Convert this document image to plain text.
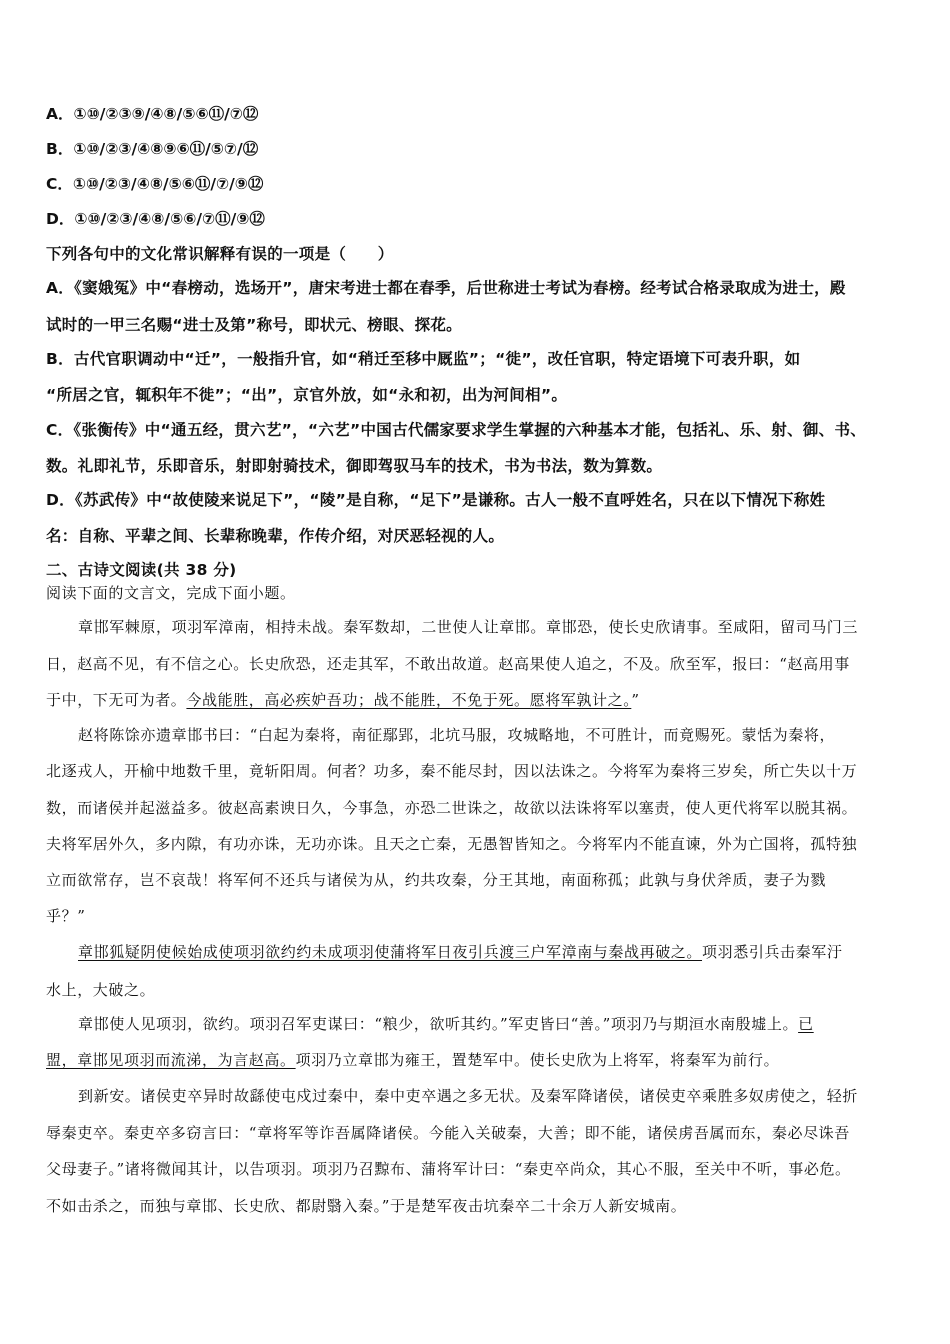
A．①⑩/②③⑨/④⑧/⑤⑥⑪/⑦⑫
B．①⑩/②③/④⑧⑨⑥⑪/⑤⑦/⑫
C．①⑩/②③/④⑧/⑤⑥⑪/⑦/⑨⑫
D．①⑩/②③/④⑧/⑤⑥/⑦⑪/⑨⑫
下列各句中的文化常识解释有误的一项是（　　）
A．《窦娥冤》中“春榜动，选场开”，唐宋考进士都在春季，后世称进士考试为春榜。经考试合格录取成为进士，殿
试时的一甲三名赐“进士及第”称号，即状元、榜眼、探花。
B．古代官职调动中“迁”，一般指升官，如“稍迁至移中厩监”；“徙”，改任官职，特定语境下可表升职，如
“所居之官，辄积年不徙”；“出”，京官外放，如“永和初，出为河间相”。
C．《张衡传》中“通五经，贯六艺”，“六艺”中国古代儒家要求学生掌握的六种基本才能，包括礼、乐、射、御、书、
数。礼即礼节，乐即音乐，射即射骑技术，御即驾驭马车的技术，书为书法，数为算数。
D．《苏武传》中“故使陵来说足下”，“陵”是自称，“足下”是谦称。古人一般不直呼姓名，只在以下情况下称姓
名：自称、平辈之间、长辈称晚辈，作传介绍，对厌恶轻视的人。
二、古诗文阅读(共 38 分)
阅读下面的文言文，完成下面小题。
章邯军棘原，项羽军漳南，相持未战。秦军数却，二世使人让章邯。章邯恐，使长史欣请事。至咸阳，留司马门三
日，赵高不见，有不信之心。长史欣恐，还走其军，不敢出故道。赵高果使人追之，不及。欣至军，报曰：“赵高用事
于中，下无可为者。今战能胜，高必疾妒吾功；战不能胜，不免于死。愿将军孰计之。”
赵将陈馀亦遗章邯书曰：“白起为秦将，南征鄢郢，北坑马服，攻城略地，不可胜计，而竟赐死。蒙恬为秦将，
北逐戎人，开榆中地数千里，竟斩阳周。何者？功多，秦不能尽封，因以法诛之。今将军为秦将三岁矣，所亡失以十万
数，而诸侯并起滋益多。彼赵高素谀日久，今事急，亦恐二世诛之，故欲以法诛将军以塞责，使人更代将军以脱其祸。
夫将军居外久，多内隙，有功亦诛，无功亦诛。且天之亡秦，无愚智皆知之。今将军内不能直谏，外为亡国将，孤特独
立而欲常存，岂不哀哉！将军何不还兵与诸侯为从，约共攻秦，分王其地，南面称孤；此孰与身伏斧质，妻子为戮
乎？”
章邯狐疑阴使候始成使项羽欲约约未成项羽使蒲将军日夜引兵渡三户军漳南与秦战再破之。项羽悉引兵击秦军汙
水上，大破之。
章邯使人见项羽，欲约。项羽召军吏谋曰：“粮少，欲听其约。”军吏皆曰“善。”项羽乃与期洹水南殷墟上。已
盟，章邯见项羽而流涕，为言赵高。项羽乃立章邯为雍王，置楚军中。使长史欣为上将军，将秦军为前行。
到新安。诸侯吏卒异时故繇使屯戍过秦中，秦中吏卒遇之多无状。及秦军降诸侯，诸侯吏卒乘胜多奴虏使之，轻折
辱秦吏卒。秦吏卒多窃言曰：“章将军等诈吾属降诸侯。今能入关破秦，大善；即不能，诸侯虏吾属而东，秦必尽诛吾
父母妻子。”诸将微闻其计，以告项羽。项羽乃召黥布、蒲将军计曰：“秦吏卒尚众，其心不服，至关中不听，事必危。
不如击杀之，而独与章邯、长史欣、都尉翳入秦。”于是楚军夜击坑秦卒二十余万人新安城南。
